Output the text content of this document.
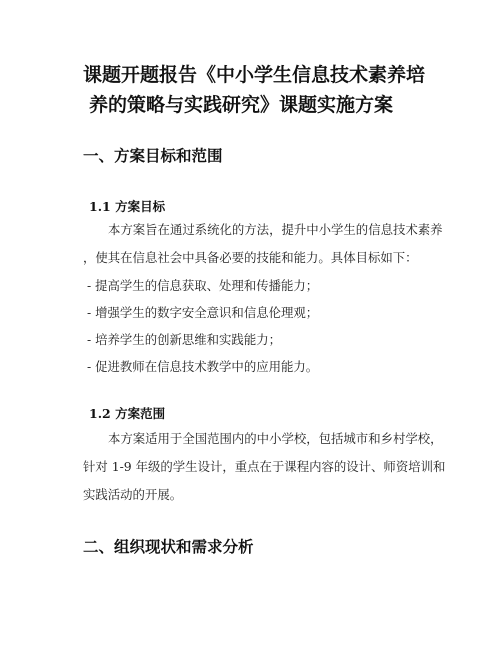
课题开题报告《中小学生信息技术素养培
养的策略与实践研究》课题实施方案
一、方案目标和范围
1.1 方案目标

本方案旨在通过系统化的方法，提升中小学生的信息技术素养
，使其在信息社会中具备必要的技能和能力。具体目标如下：

- 提高学生的信息获取、处理和传播能力；
- 增强学生的数字安全意识和信息伦理观；
- 培养学生的创新思维和实践能力；
- 促进教师在信息技术教学中的应用能力。
1.2 方案范围

本方案适用于全国范围内的中小学校，包括城市和乡村学校，
针对 1-9 年级的学生设计，重点在于课程内容的设计、师资培训和
实践活动的开展。

二、组织现状和需求分析
